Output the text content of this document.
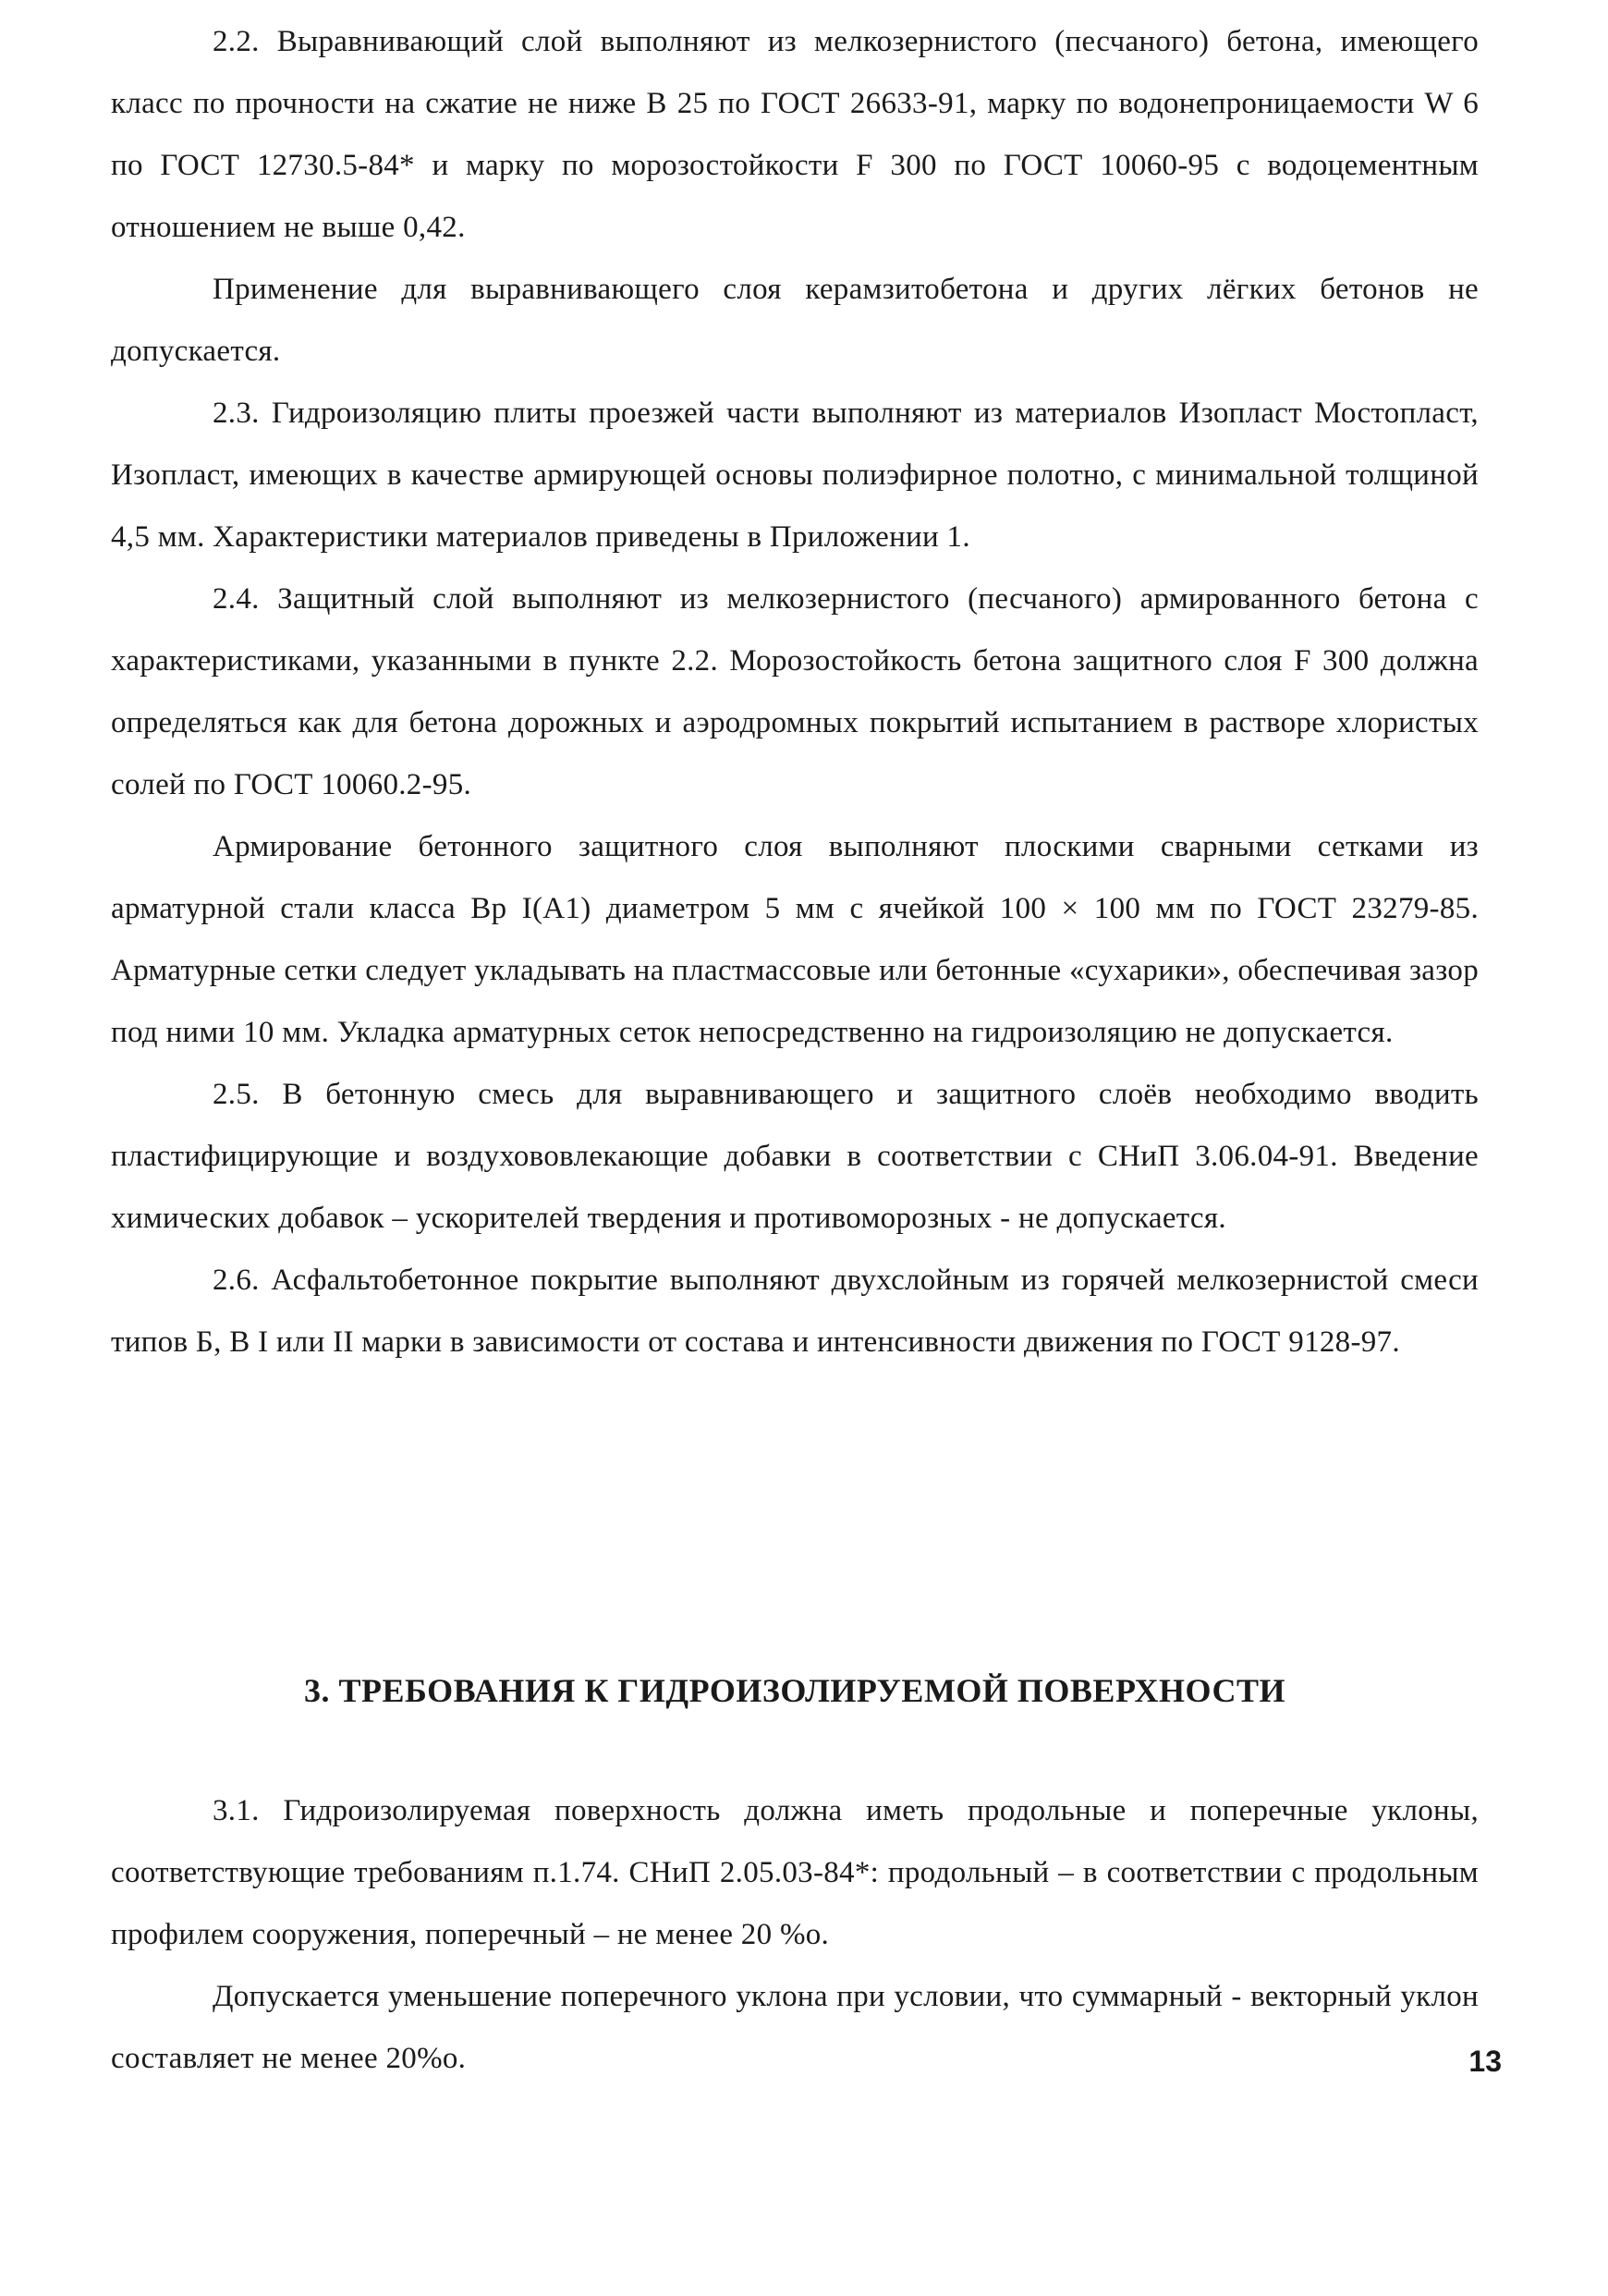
2.2. Выравнивающий слой выполняют из мелкозернистого (песчаного) бетона, имеющего класс по прочности на сжатие не ниже В 25 по ГОСТ 26633-91, марку по водонепроницаемости W 6 по ГОСТ 12730.5-84* и марку по морозостойкости F 300 по ГОСТ 10060-95 с водоцементным отношением не выше 0,42.

Применение для выравнивающего слоя керамзитобетона и других лёгких бетонов не допускается.

2.3. Гидроизоляцию плиты проезжей части выполняют из материалов Изопласт Мостопласт, Изопласт, имеющих в качестве армирующей основы полиэфирное полотно, с минимальной толщиной 4,5 мм. Характеристики материалов приведены в Приложении 1.

2.4. Защитный слой выполняют из мелкозернистого (песчаного) армированного бетона с характеристиками, указанными в пункте 2.2. Морозостойкость бетона защитного слоя F 300 должна определяться как для бетона дорожных и аэродромных покрытий испытанием в растворе хлористых солей по ГОСТ 10060.2-95.

Армирование бетонного защитного слоя выполняют плоскими сварными сетками из арматурной стали класса Вр I(А1) диаметром 5 мм с ячейкой 100 × 100 мм по ГОСТ 23279-85. Арматурные сетки следует укладывать на пластмассовые или бетонные «сухарики», обеспечивая зазор под ними 10 мм. Укладка арматурных сеток непосредственно на гидроизоляцию не допускается.

2.5. В бетонную смесь для выравнивающего и защитного слоёв необходимо вводить пластифицирующие и воздухововлекающие добавки в соответствии с СНиП 3.06.04-91. Введение химических добавок – ускорителей твердения и противоморозных - не допускается.

2.6. Асфальтобетонное покрытие выполняют двухслойным из горячей мелкозернистой смеси типов Б, В I или II марки в зависимости от состава и интенсивности движения по ГОСТ 9128-97.

3. ТРЕБОВАНИЯ К ГИДРОИЗОЛИРУЕМОЙ ПОВЕРХНОСТИ

3.1. Гидроизолируемая поверхность должна иметь продольные и поперечные уклоны, соответствующие требованиям п.1.74. СНиП 2.05.03-84*: продольный – в соответствии с продольным профилем сооружения, поперечный – не менее 20 %о.

Допускается уменьшение поперечного уклона при условии, что суммарный - векторный уклон составляет не менее 20%о.	13
